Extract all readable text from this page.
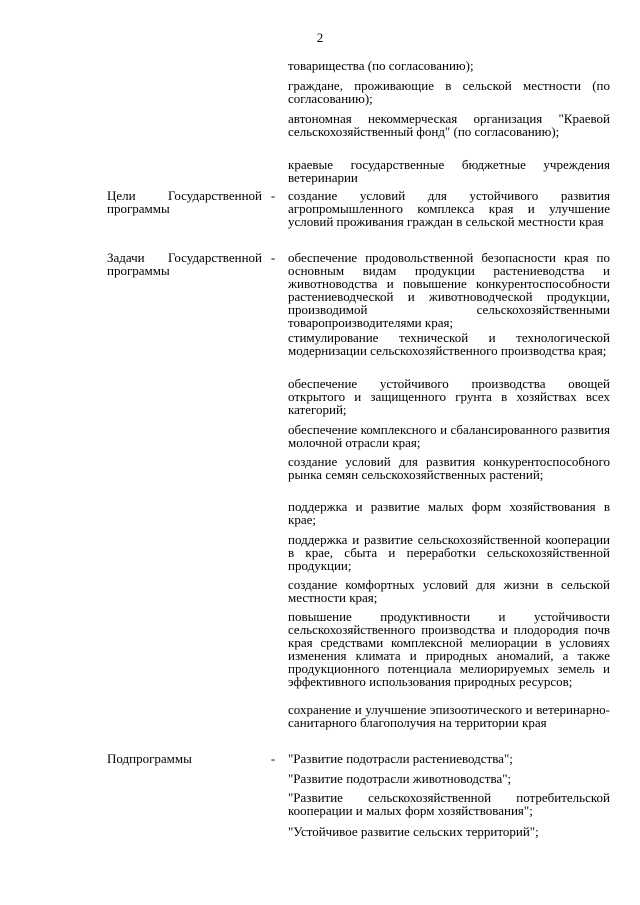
2
товарищества (по согласованию);
граждане, проживающие в сельской местности (по согласованию);
автономная некоммерческая организация "Краевой сельскохозяйственный фонд" (по согласованию);
краевые государственные бюджетные учреждения ветеринарии
Цели Государственной программы
- создание условий для устойчивого развития агропромышленного комплекса края и улучшение условий проживания граждан в сельской местности края
Задачи Государственной программы
- обеспечение продовольственной безопасности края по основным видам продукции растениеводства и животноводства и повышение конкурентоспособности растениеводческой и животноводческой продукции, производимой сельскохозяйственными товаропроизводителями края;
стимулирование технической и технологической модернизации сельскохозяйственного производства края;
обеспечение устойчивого производства овощей открытого и защищенного грунта в хозяйствах всех категорий;
обеспечение комплексного и сбалансированного развития молочной отрасли края;
создание условий для развития конкурентоспособного рынка семян сельскохозяйственных растений;
поддержка и развитие малых форм хозяйствования в крае;
поддержка и развитие сельскохозяйственной кооперации в крае, сбыта и переработки сельскохозяйственной продукции;
создание комфортных условий для жизни в сельской местности края;
повышение продуктивности и устойчивости сельскохозяйственного производства и плодородия почв края средствами комплексной мелиорации в условиях изменения климата и природных аномалий, а также продукционного потенциала мелиорируемых земель и эффективного использования природных ресурсов;
сохранение и улучшение эпизоотического и ветеринарно-санитарного благополучия на территории края
Подпрограммы	- "Развитие подотрасли растениеводства";
"Развитие подотрасли животноводства";
"Развитие сельскохозяйственной потребительской кооперации и малых форм хозяйствования";
"Устойчивое развитие сельских территорий";
